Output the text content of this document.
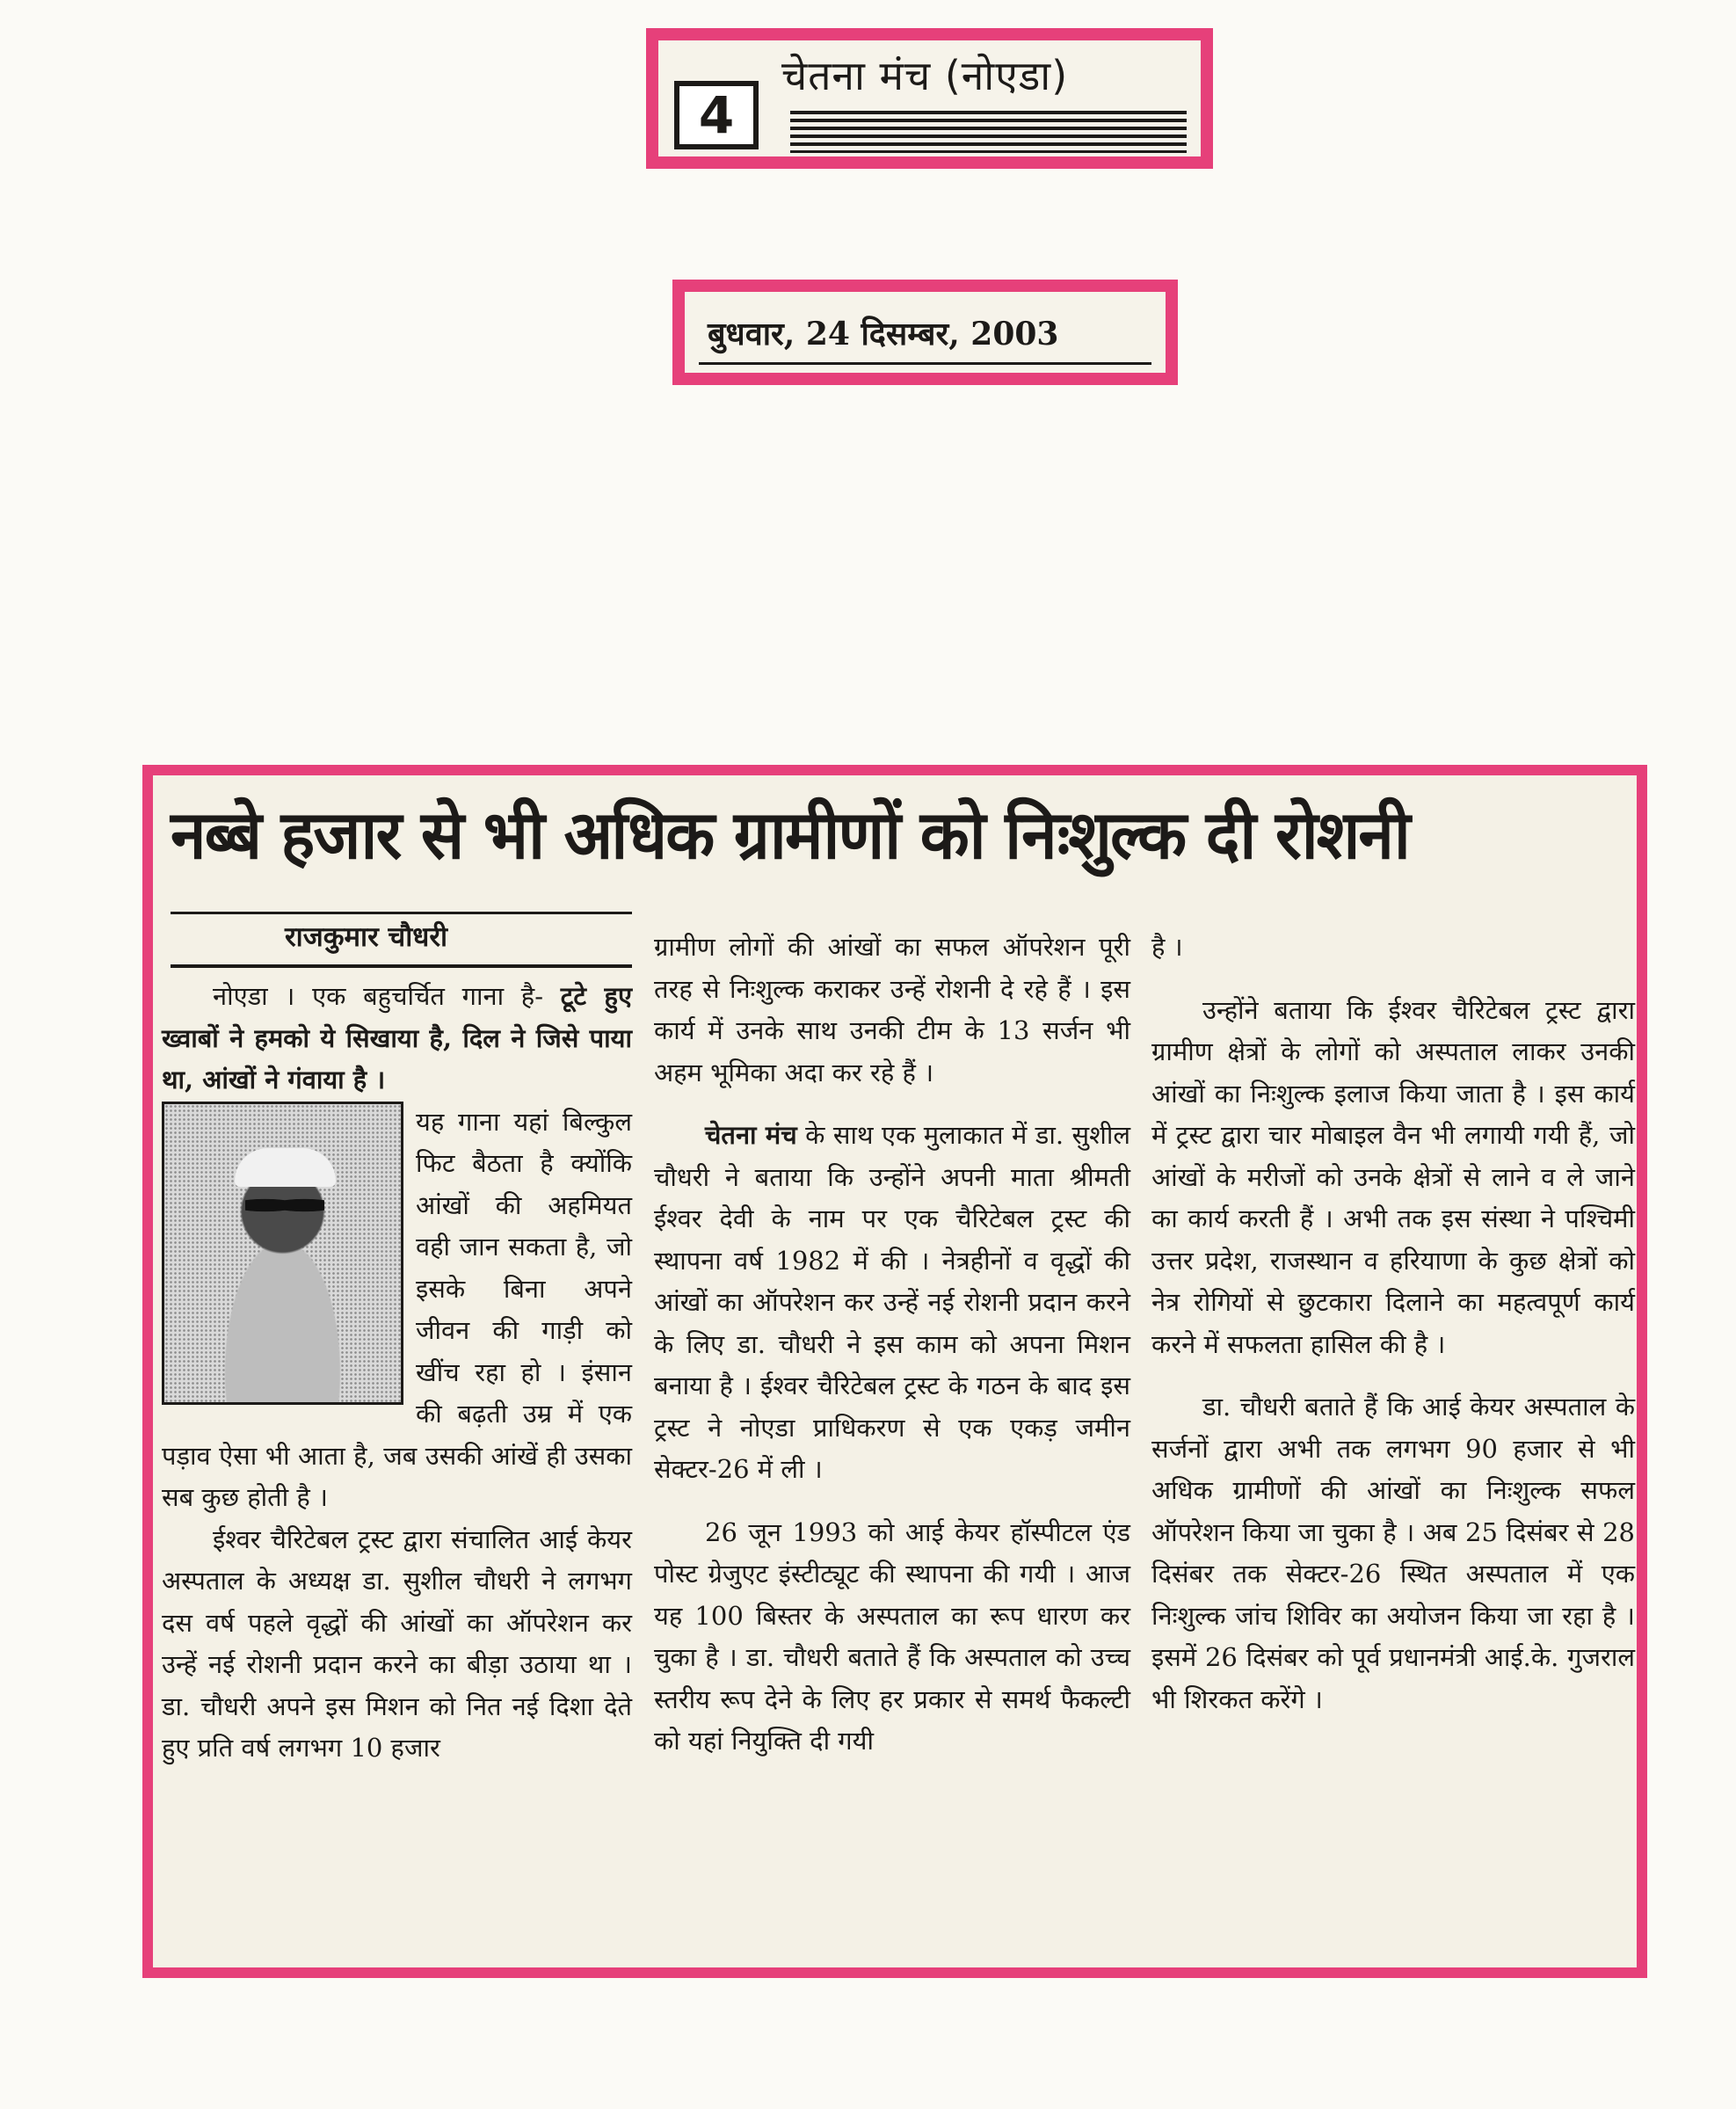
4
चेतना मंच (नोएडा)
बुधवार, 24 दिसम्बर, 2003
नब्बे हजार से भी अधिक ग्रामीणों को निःशुल्क दी रोशनी
राजकुमार चौधरी

नोएडा । एक बहुचर्चित गाना है- टूटे हुए ख्वाबों ने हमको ये सिखाया है, दिल ने जिसे पाया था, आंखों ने गंवाया है ।

यह गाना यहां बिल्कुल फिट बैठता है क्योंकि आंखों की अहमियत वही जान सकता है, जो इसके बिना अपने जीवन की गाड़ी को खींच रहा हो । इंसान की बढ़ती उम्र में एक पड़ाव ऐसा भी आता है, जब उसकी आंखें ही उसका सब कुछ होती है ।

ईश्वर चैरिटेबल ट्रस्ट द्वारा संचालित आई केयर अस्पताल के अध्यक्ष डा. सुशील चौधरी ने लगभग दस वर्ष पहले वृद्धों की आंखों का ऑपरेशन कर उन्हें नई रोशनी प्रदान करने का बीड़ा उठाया था । डा. चौधरी अपने इस मिशन को नित नई दिशा देते हुए प्रति वर्ष लगभग 10 हजार

ग्रामीण लोगों की आंखों का सफल ऑपरेशन पूरी तरह से निःशुल्क कराकर उन्हें रोशनी दे रहे हैं । इस कार्य में उनके साथ उनकी टीम के 13 सर्जन भी अहम भूमिका अदा कर रहे हैं ।

चेतना मंच के साथ एक मुलाकात में डा. सुशील चौधरी ने बताया कि उन्होंने अपनी माता श्रीमती ईश्वर देवी के नाम पर एक चैरिटेबल ट्रस्ट की स्थापना वर्ष 1982 में की । नेत्रहीनों व वृद्धों की आंखों का ऑपरेशन कर उन्हें नई रोशनी प्रदान करने के लिए डा. चौधरी ने इस काम को अपना मिशन बनाया है । ईश्वर चैरिटेबल ट्रस्ट के गठन के बाद इस ट्रस्ट ने नोएडा प्राधिकरण से एक एकड़ जमीन सेक्टर-26 में ली ।

26 जून 1993 को आई केयर हॉस्पीटल एंड पोस्ट ग्रेजुएट इंस्टीट्यूट की स्थापना की गयी । आज यह 100 बिस्तर के अस्पताल का रूप धारण कर चुका है । डा. चौधरी बताते हैं कि अस्पताल को उच्च स्तरीय रूप देने के लिए हर प्रकार से समर्थ फैकल्टी को यहां नियुक्ति दी गयी

है ।

उन्होंने बताया कि ईश्वर चैरिटेबल ट्रस्ट द्वारा ग्रामीण क्षेत्रों के लोगों को अस्पताल लाकर उनकी आंखों का निःशुल्क इलाज किया जाता है । इस कार्य में ट्रस्ट द्वारा चार मोबाइल वैन भी लगायी गयी हैं, जो आंखों के मरीजों को उनके क्षेत्रों से लाने व ले जाने का कार्य करती हैं । अभी तक इस संस्था ने पश्चिमी उत्तर प्रदेश, राजस्थान व हरियाणा के कुछ क्षेत्रों को नेत्र रोगियों से छुटकारा दिलाने का महत्वपूर्ण कार्य करने में सफलता हासिल की है ।

डा. चौधरी बताते हैं कि आई केयर अस्पताल के सर्जनों द्वारा अभी तक लगभग 90 हजार से भी अधिक ग्रामीणों की आंखों का निःशुल्क सफल ऑपरेशन किया जा चुका है । अब 25 दिसंबर से 28 दिसंबर तक सेक्टर-26 स्थित अस्पताल में एक निःशुल्क जांच शिविर का अयोजन किया जा रहा है । इसमें 26 दिसंबर को पूर्व प्रधानमंत्री आई.के. गुजराल भी शिरकत करेंगे ।
